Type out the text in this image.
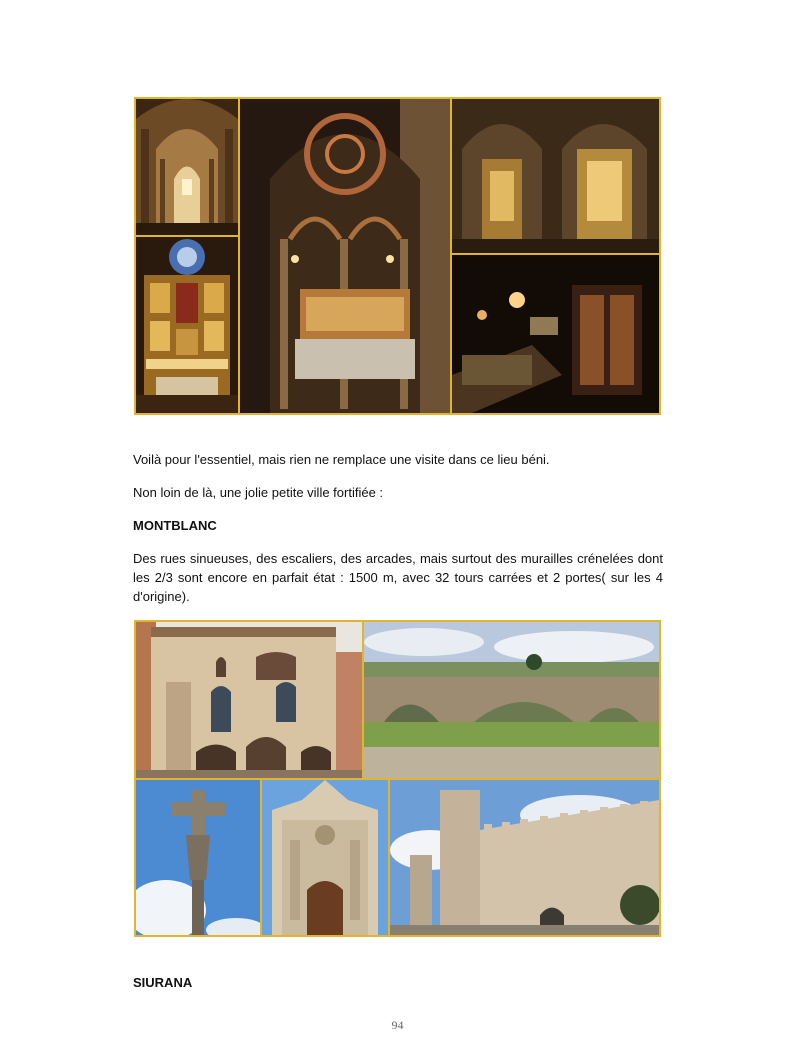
Voilà pour l'essentiel, mais rien ne remplace une visite dans ce lieu béni.
Non loin de là, une jolie petite ville fortifiée :
MONTBLANC
Des rues sinueuses, des escaliers, des arcades, mais surtout des murailles crénelées dont les 2/3 sont encore en parfait état : 1500 m, avec 32 tours carrées et 2 portes( sur les 4 d'origine).
SIURANA
94
